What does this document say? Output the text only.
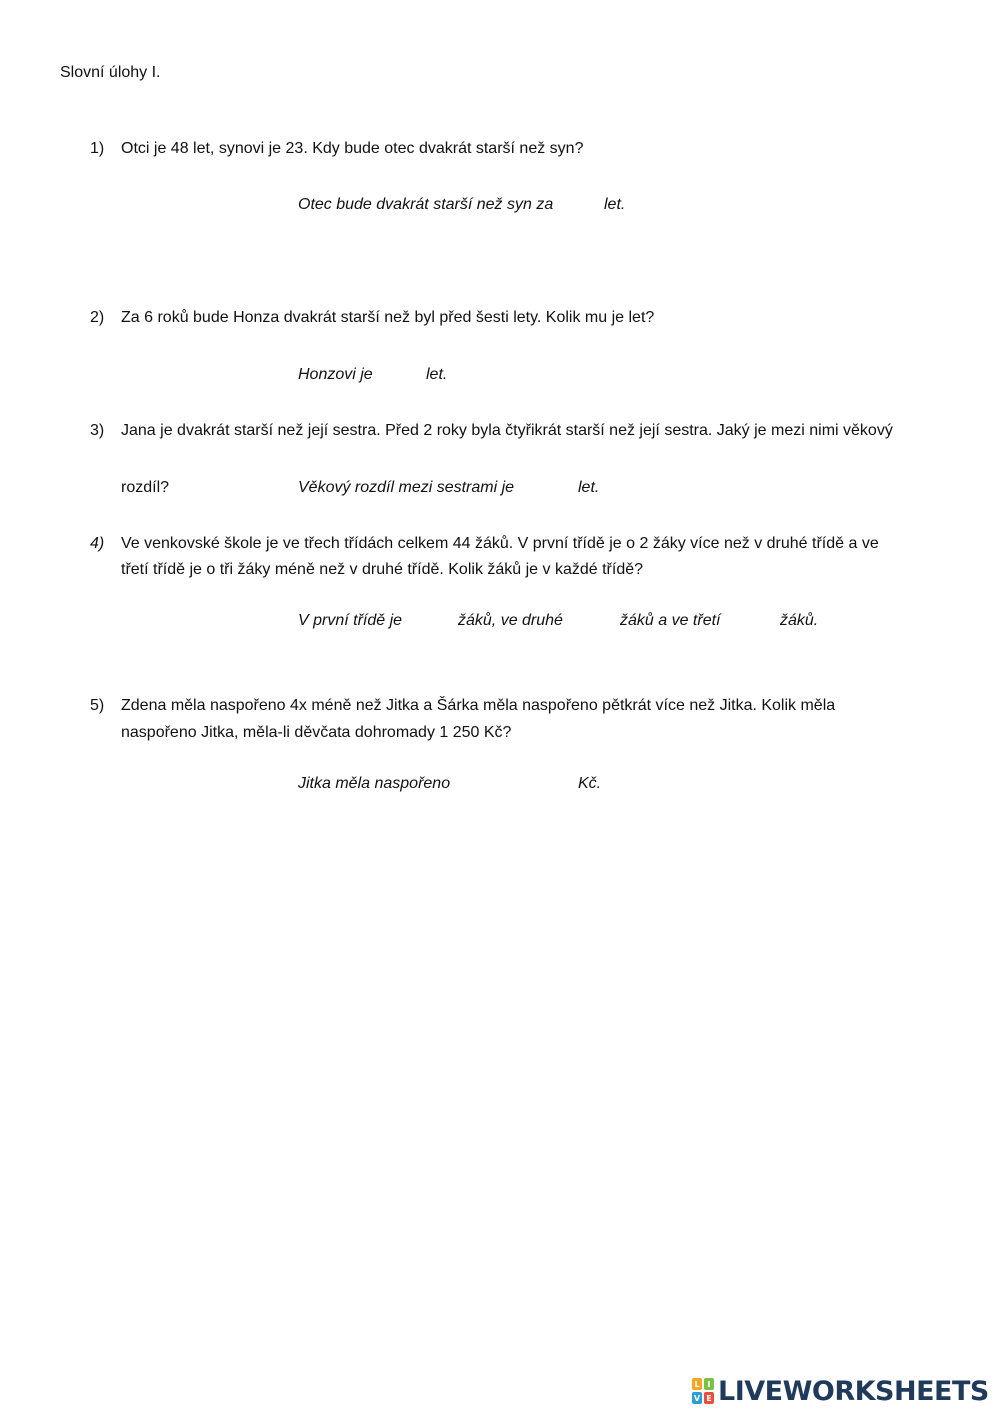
Slovní úlohy I.
1) Otci je 48 let, synovi je 23. Kdy bude otec dvakrát starší než syn?
Otec bude dvakrát starší než syn za	let.
2) Za 6 roků bude Honza dvakrát starší než byl před šesti lety. Kolik mu je let?
Honzovi je	let.
3) Jana je dvakrát starší než její sestra. Před 2 roky byla čtyřikrát starší než její sestra. Jaký je mezi nimi věkový
rozdíl?	Věkový rozdíl mezi sestrami je	let.
4) Ve venkovské škole je ve třech třídách celkem 44 žáků. V první třídě je o 2 žáky více než v druhé třídě a ve
třetí třídě je o tři žáky méně než v druhé třídě. Kolik žáků je v každé třídě?
V první třídě je	žáků, ve druhé	žáků a ve třetí	žáků.
5) Zdena měla naspořeno 4x méně než Jitka a Šárka měla naspořeno pětkrát více než Jitka. Kolik měla
naspořeno Jitka, měla-li děvčata dohromady 1 250 Kč?
Jitka měla naspořeno	Kč.
L I
V E LIVEWORKSHEETS
